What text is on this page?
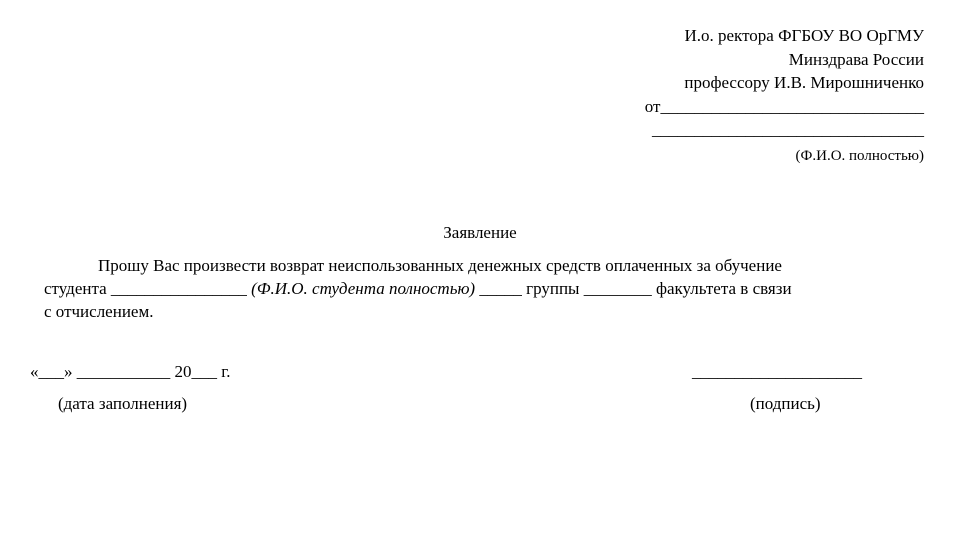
И.о. ректора ФГБОУ ВО ОрГМУ
Минздрава России
профессору И.В. Мирошниченко
от_______________________________
________________________________
(Ф.И.О. полностью)
Заявление
Прошу Вас произвести возврат неиспользованных денежных средств оплаченных за обучение
студента ________________ (Ф.И.О. студента полностью) _____ группы ________ факультета в связи
с отчислением.
«___» ___________ 20___ г.	____________________
(дата заполнения)	(подпись)
